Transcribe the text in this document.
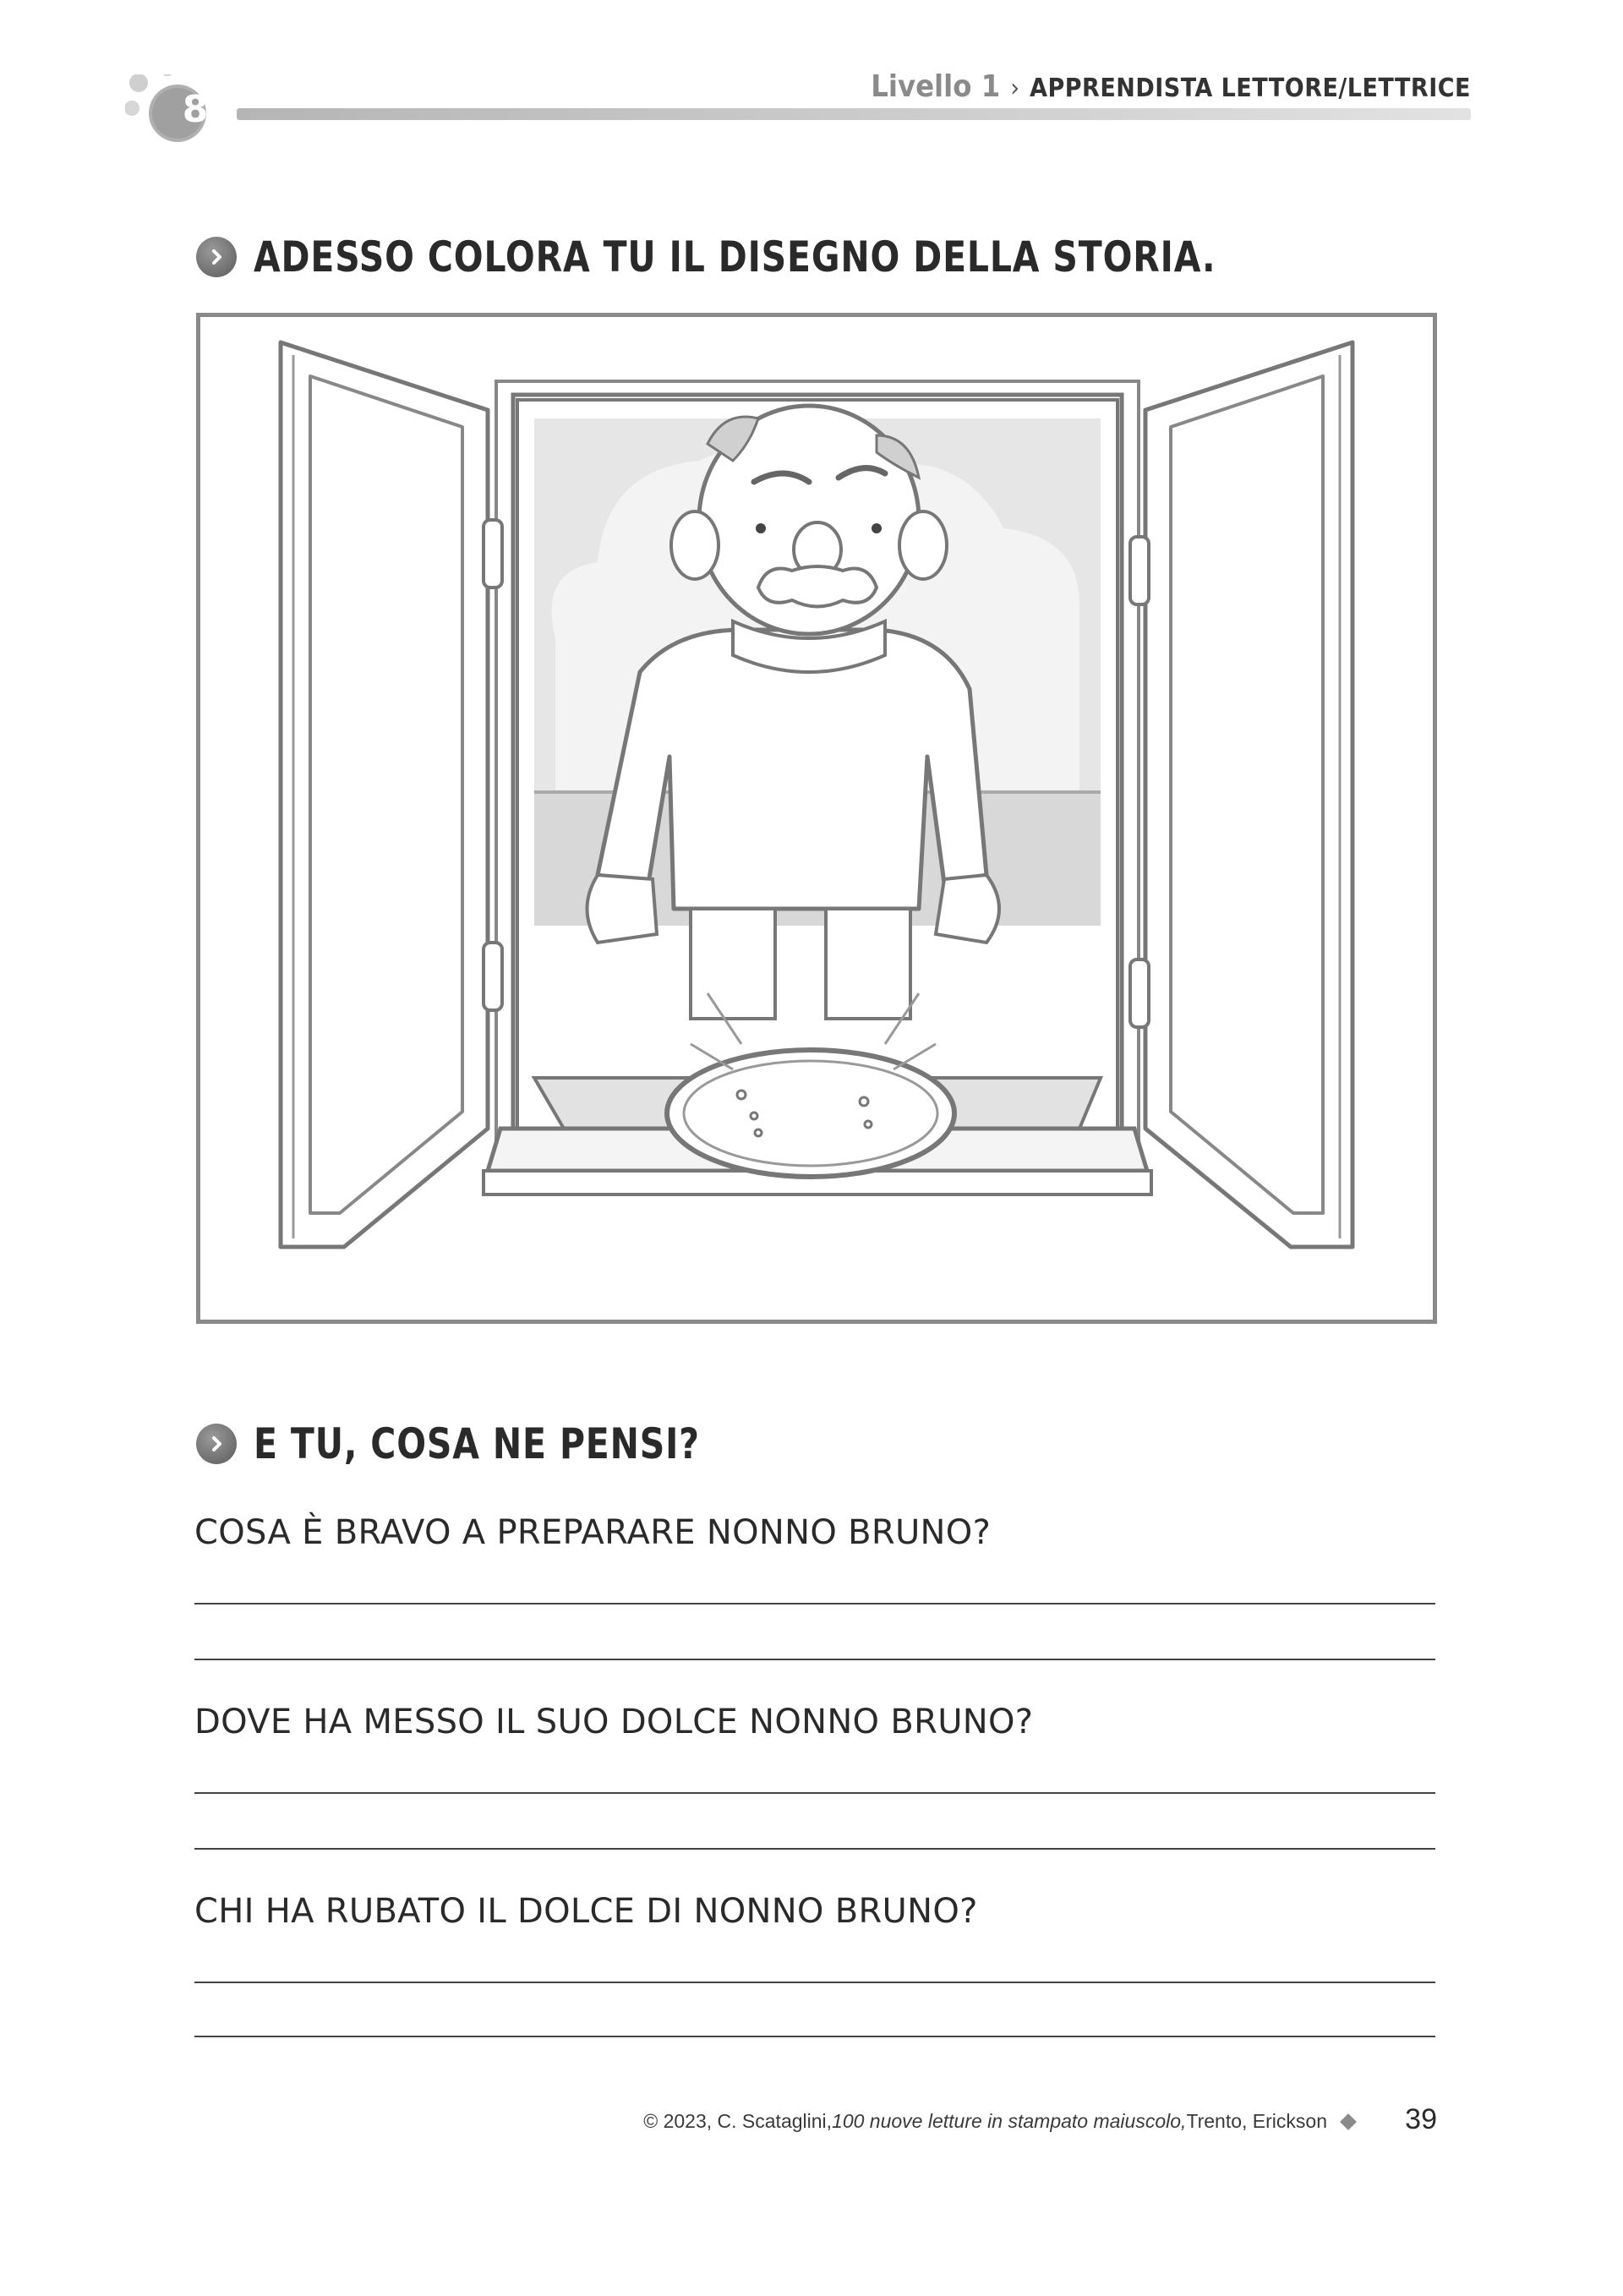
8
Livello 1 › APPRENDISTA LETTORE/LETTRICE
ADESSO COLORA TU IL DISEGNO DELLA STORIA.
E TU, COSA NE PENSI?
COSA È BRAVO A PREPARARE NONNO BRUNO?
DOVE HA MESSO IL SUO DOLCE NONNO BRUNO?
CHI HA RUBATO IL DOLCE DI NONNO BRUNO?
© 2023, C. Scataglini, 100 nuove letture in stampato maiuscolo, Trento, Erickson	39
